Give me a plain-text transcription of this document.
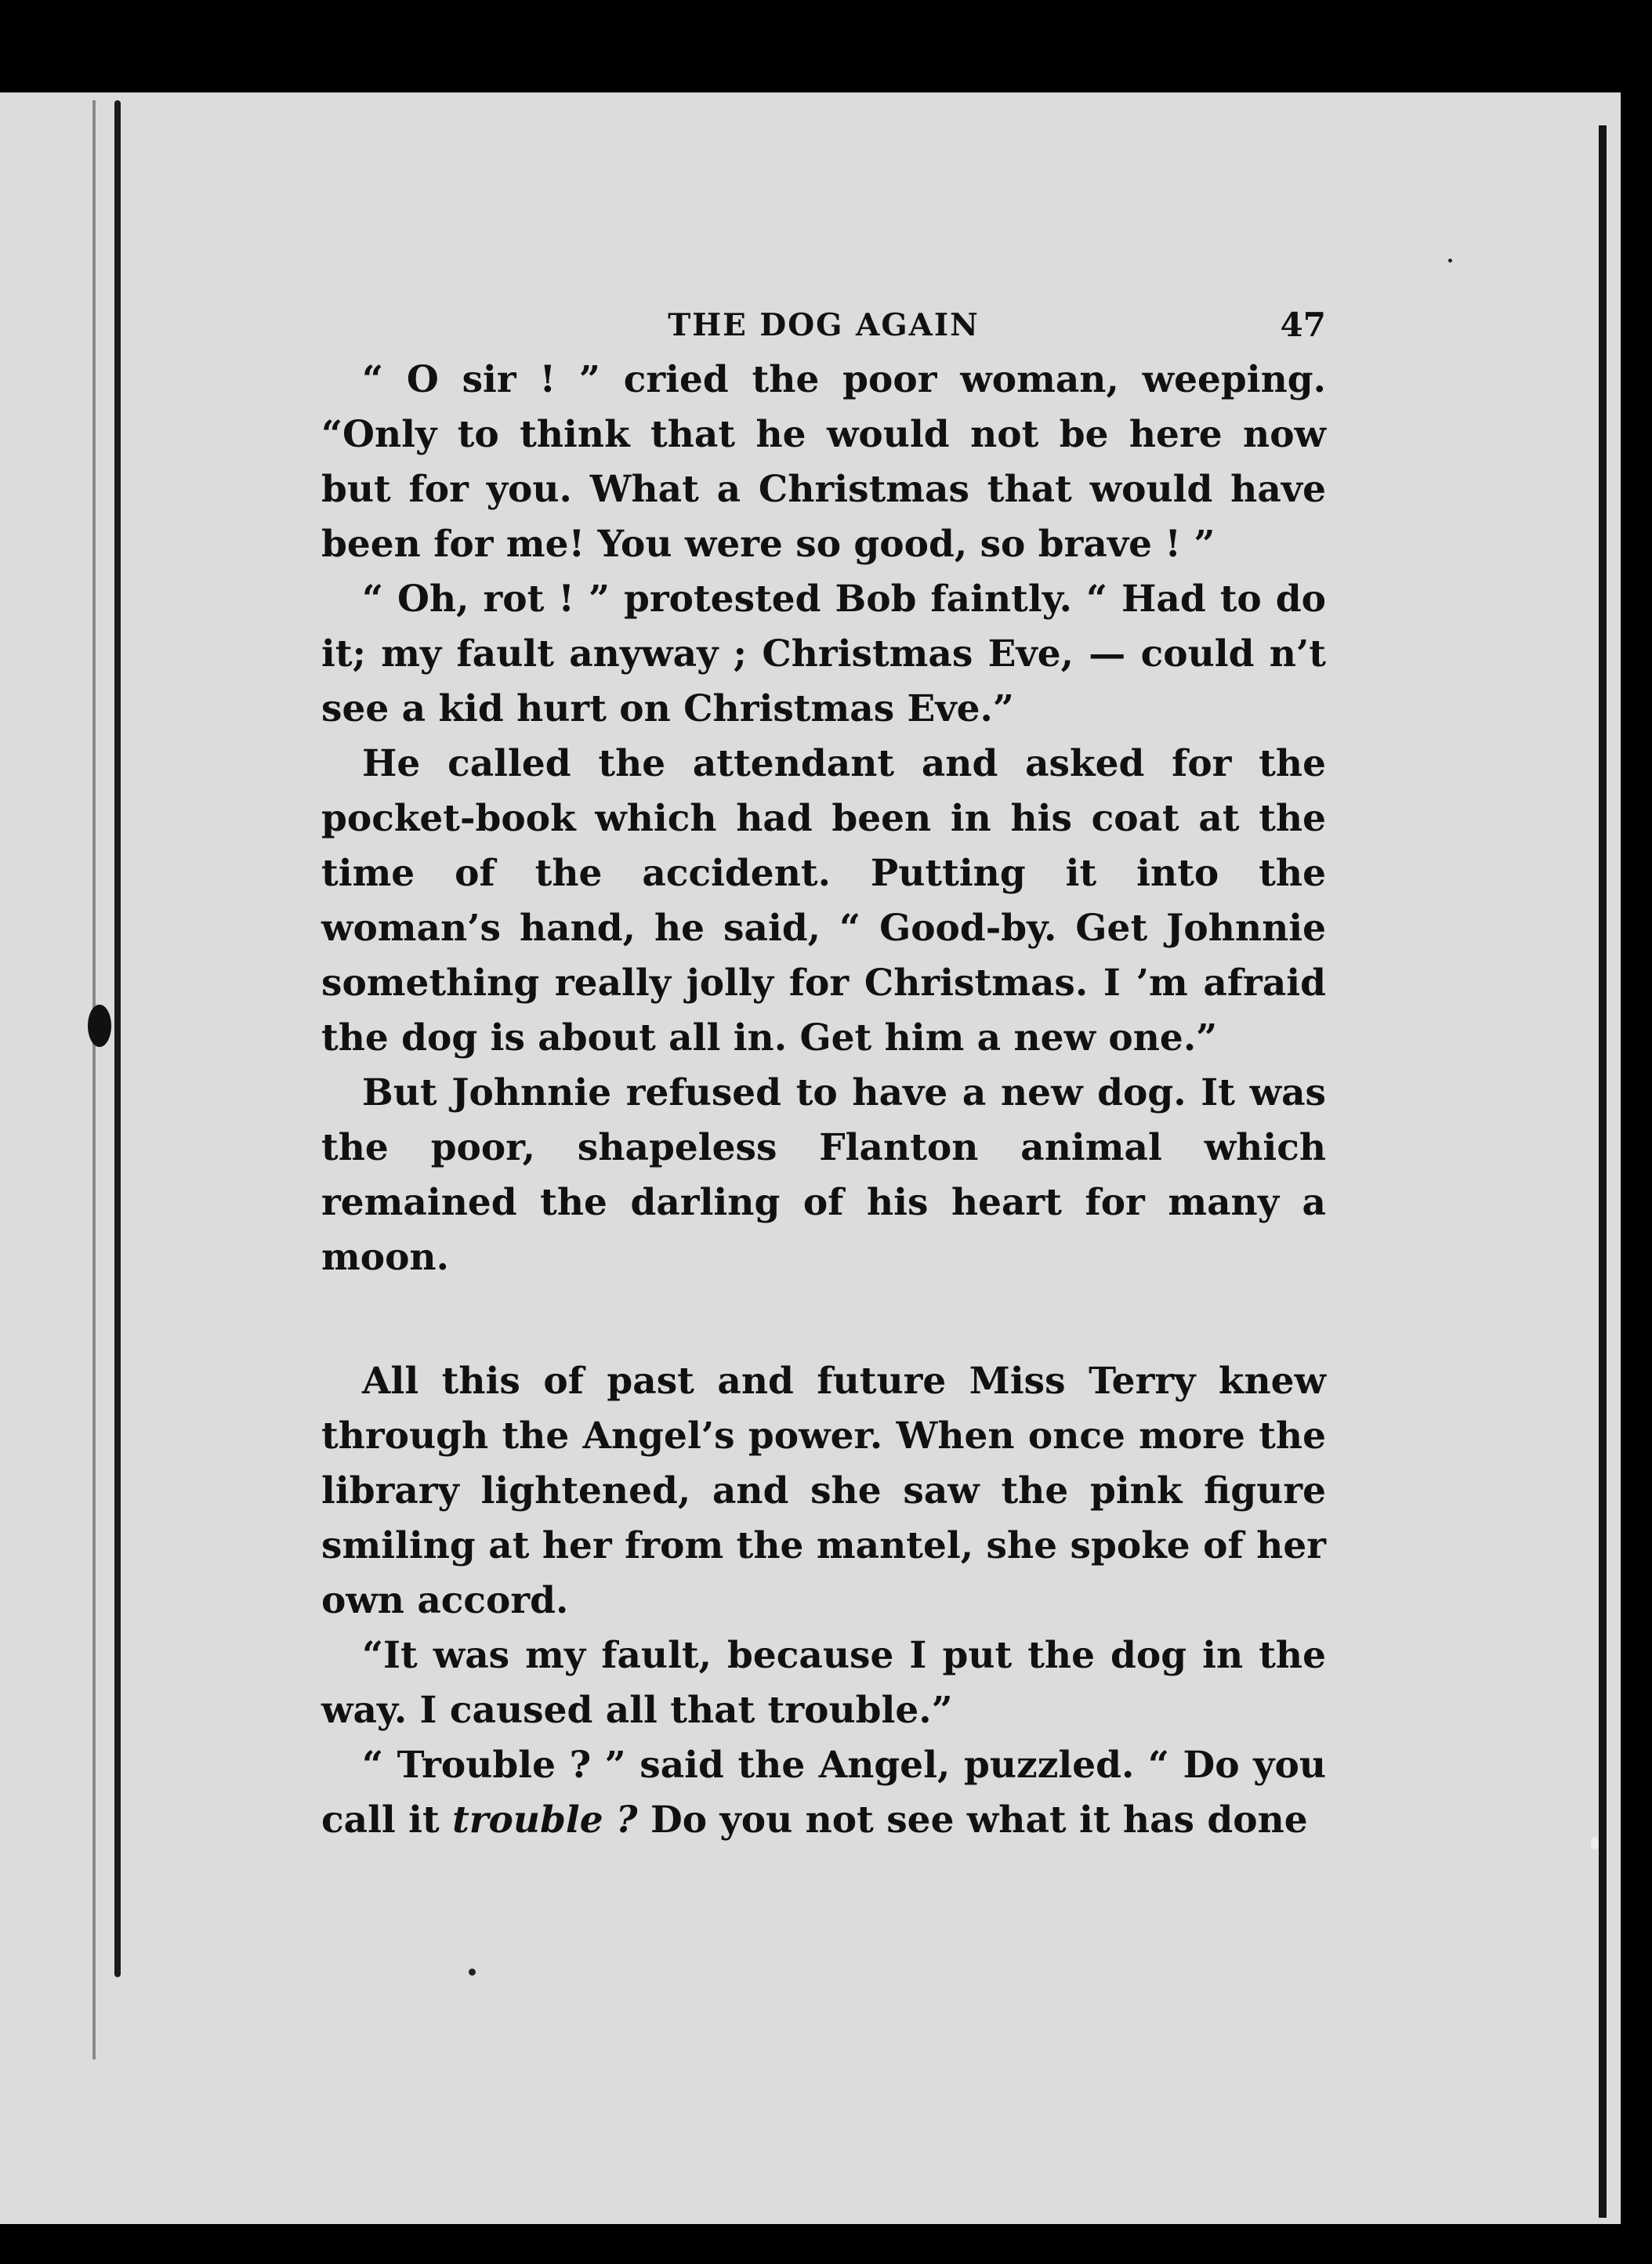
THE DOG AGAIN	47

“ O sir ! ” cried the poor woman, weeping. “Only to think that he would not be here now but for you. What a Christmas that would have been for me! You were so good, so brave ! ”

“ Oh, rot ! ” protested Bob faintly. “ Had to do it; my fault anyway ; Christmas Eve, — could n’t see a kid hurt on Christmas Eve.”

He called the attendant and asked for the pocket-book which had been in his coat at the time of the accident. Putting it into the woman’s hand, he said, “ Good-by. Get Johnnie something really jolly for Christmas. I ’m afraid the dog is about all in. Get him a new one.”

But Johnnie refused to have a new dog. It was the poor, shapeless Flanton animal which remained the darling of his heart for many a moon.

All this of past and future Miss Terry knew through the Angel’s power. When once more the library lightened, and she saw the pink figure smiling at her from the mantel, she spoke of her own accord.

“It was my fault, because I put the dog in the way. I caused all that trouble.”

“ Trouble ? ” said the Angel, puzzled. “ Do you call it trouble ? Do you not see what it has done
